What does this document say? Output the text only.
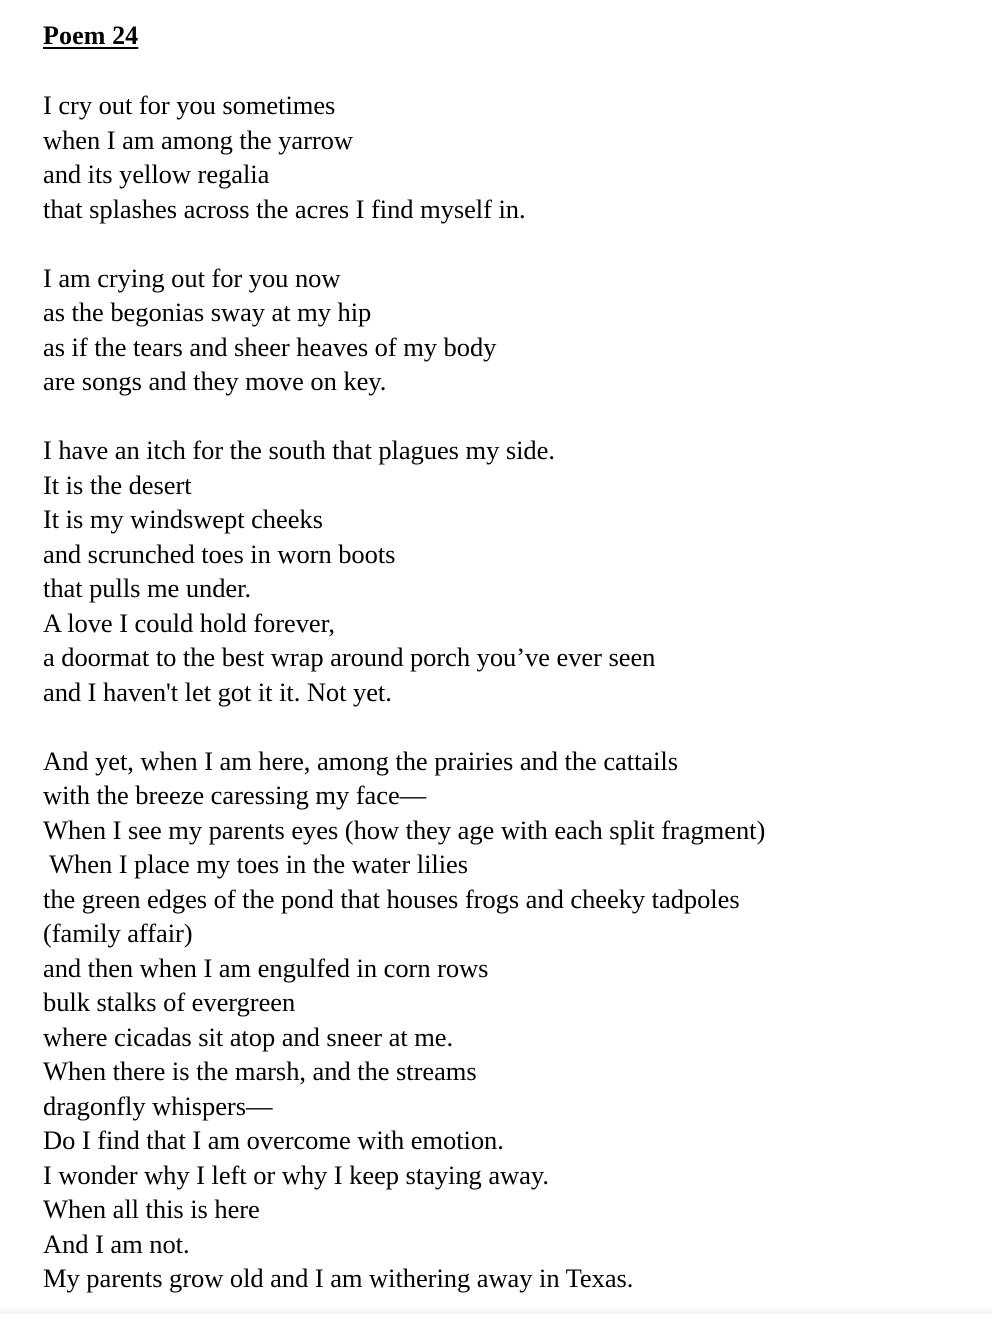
Poem 24
I cry out for you sometimes
when I am among the yarrow
and its yellow regalia
that splashes across the acres I find myself in.
I am crying out for you now
as the begonias sway at my hip
as if the tears and sheer heaves of my body
are songs and they move on key.
I have an itch for the south that plagues my side.
It is the desert
It is my windswept cheeks
and scrunched toes in worn boots
that pulls me under.
A love I could hold forever,
a doormat to the best wrap around porch you’ve ever seen
and I haven't let got it it. Not yet.
And yet, when I am here, among the prairies and the cattails
with the breeze caressing my face—
When I see my parents eyes (how they age with each split fragment)
When I place my toes in the water lilies
the green edges of the pond that houses frogs and cheeky tadpoles
(family affair)
and then when I am engulfed in corn rows
bulk stalks of evergreen
where cicadas sit atop and sneer at me.
When there is the marsh, and the streams
dragonfly whispers—
Do I find that I am overcome with emotion.
I wonder why I left or why I keep staying away.
When all this is here
And I am not.
My parents grow old and I am withering away in Texas.
